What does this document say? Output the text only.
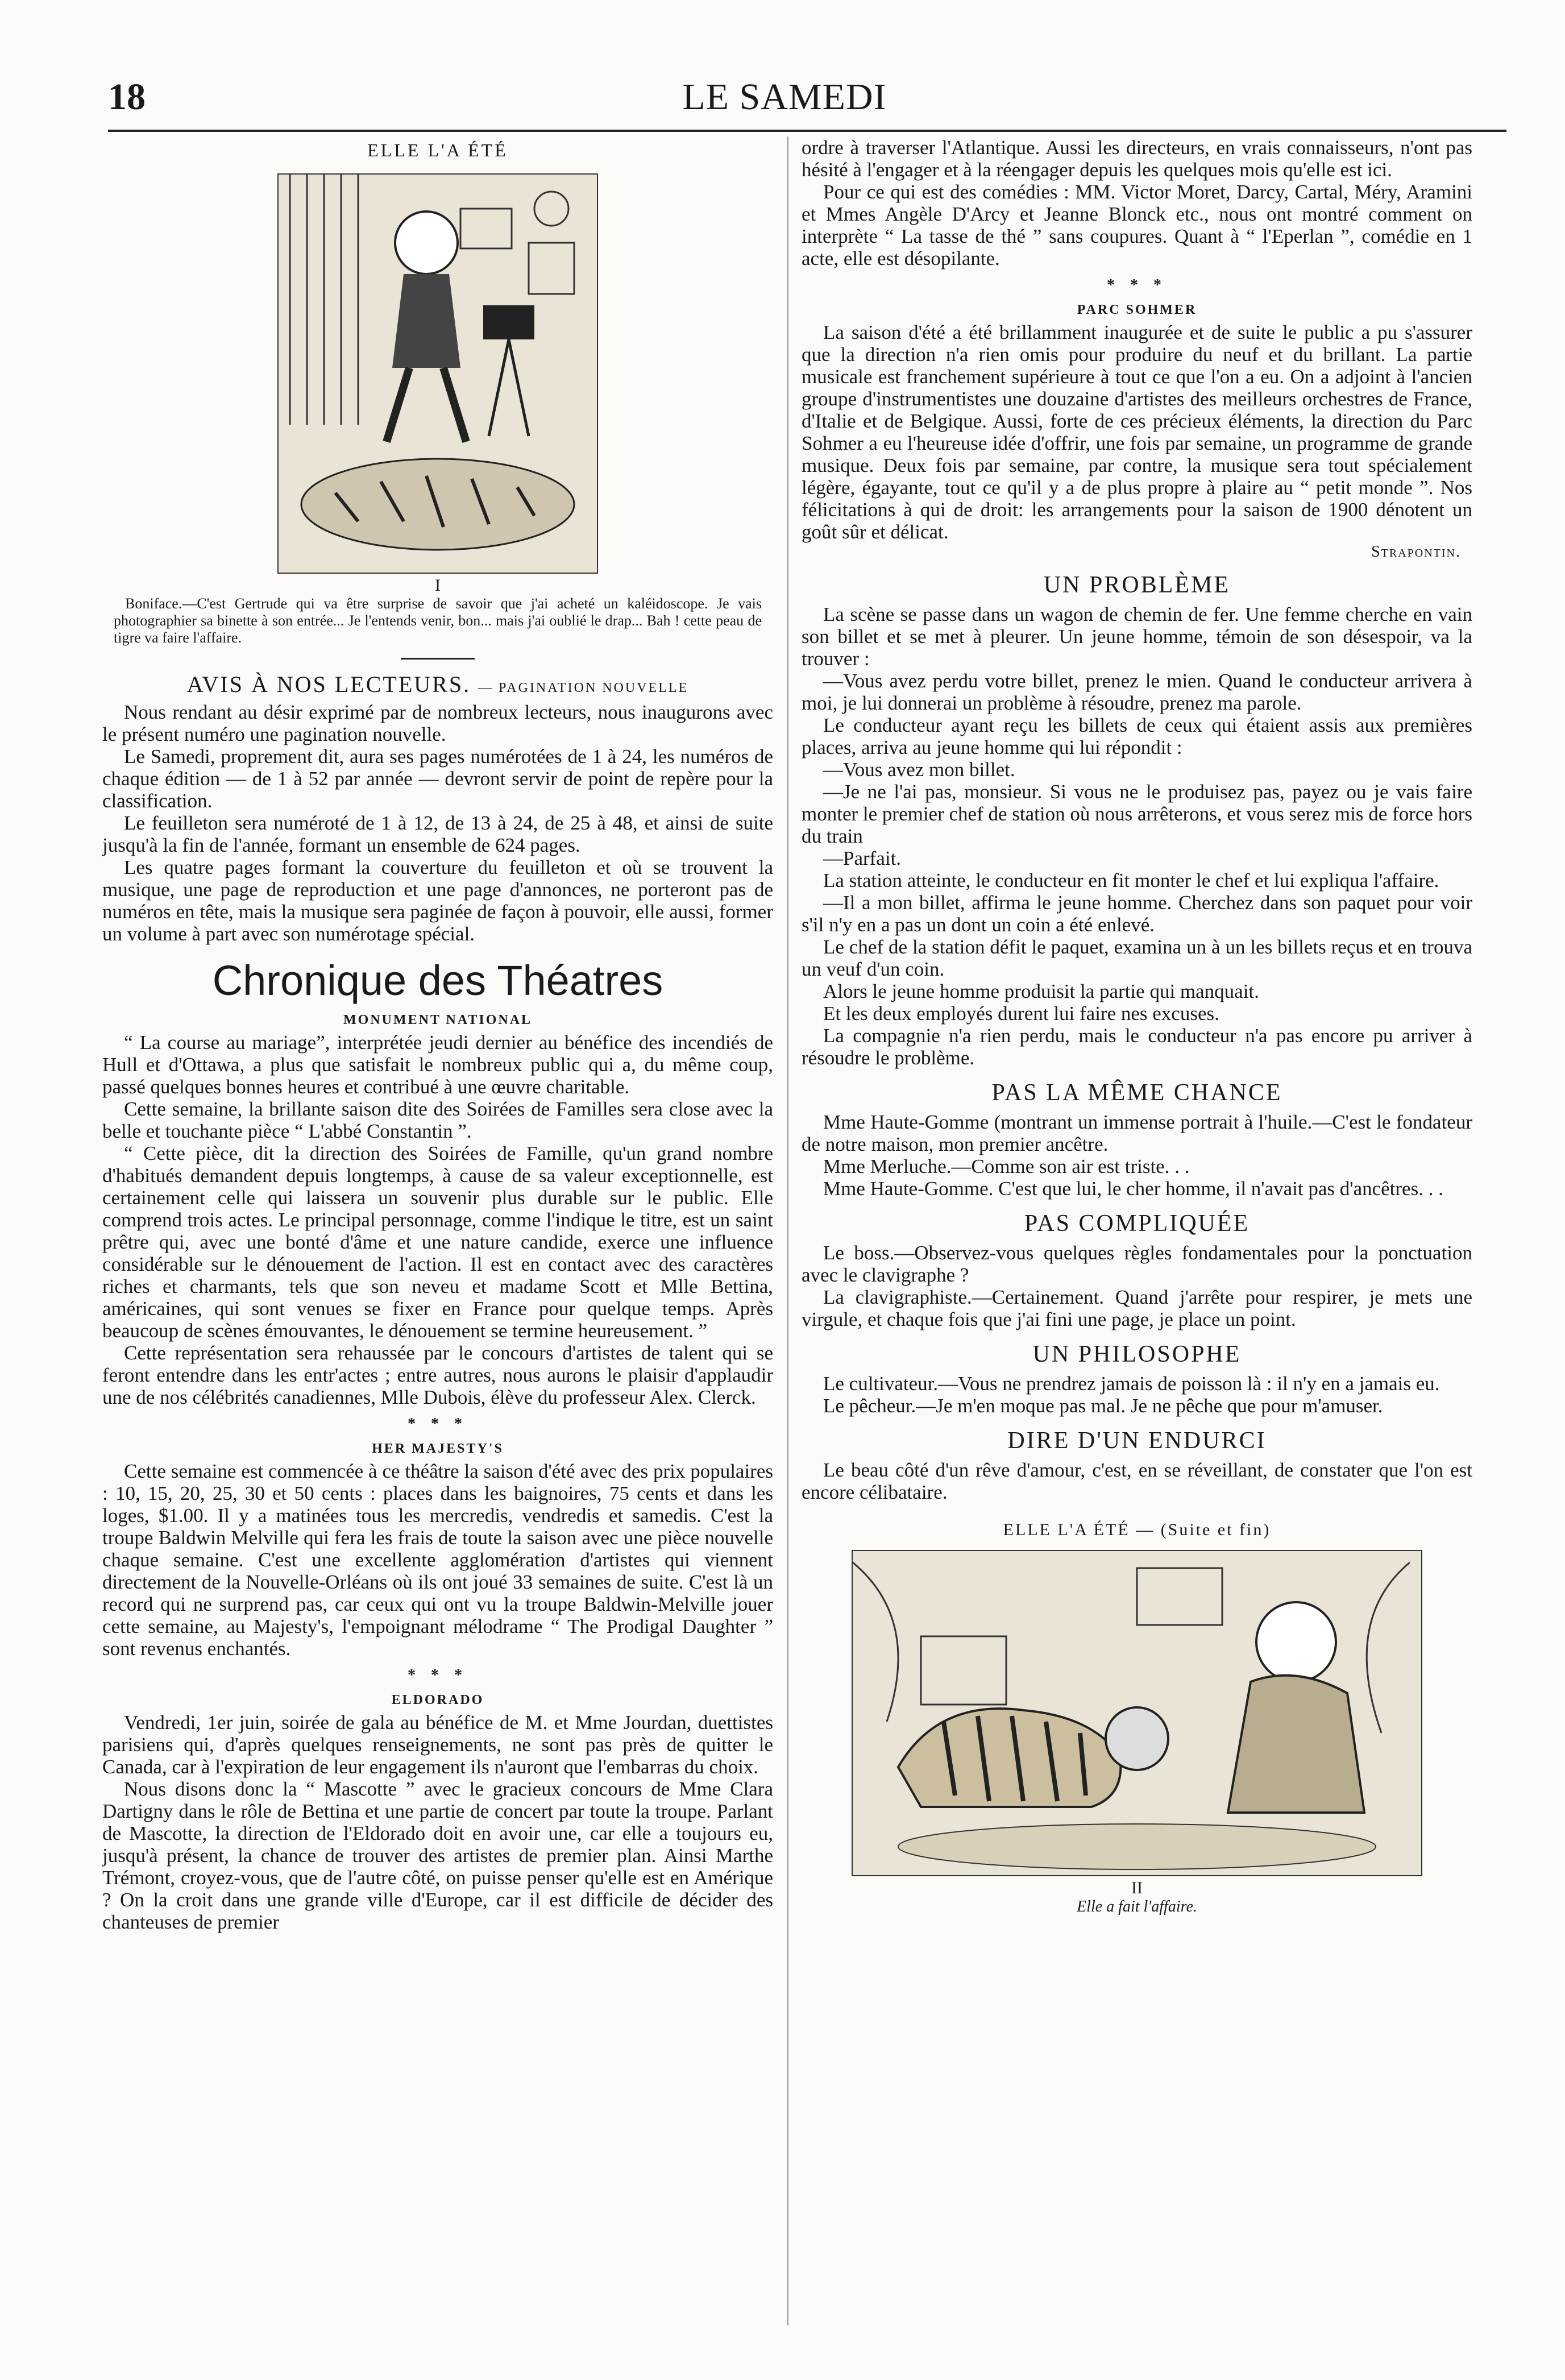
18	LE SAMEDI
ELLE L'A ÉTÉ
I
Boniface.—C'est Gertrude qui va être surprise de savoir que j'ai acheté un kaléidoscope. Je vais photographier sa binette à son entrée... Je l'entends venir, bon... mais j'ai oublié le drap... Bah ! cette peau de tigre va faire l'affaire.
AVIS À NOS LECTEURS. — PAGINATION NOUVELLE

Nous rendant au désir exprimé par de nombreux lecteurs, nous inaugurons avec le présent numéro une pagination nouvelle.

Le Samedi, proprement dit, aura ses pages numérotées de 1 à 24, les numéros de chaque édition — de 1 à 52 par année — devront servir de point de repère pour la classification.

Le feuilleton sera numéroté de 1 à 12, de 13 à 24, de 25 à 48, et ainsi de suite jusqu'à la fin de l'année, formant un ensemble de 624 pages.

Les quatre pages formant la couverture du feuilleton et où se trouvent la musique, une page de reproduction et une page d'annonces, ne porteront pas de numéros en tête, mais la musique sera paginée de façon à pouvoir, elle aussi, former un volume à part avec son numérotage spécial.

Chronique des Théatres
MONUMENT NATIONAL

“ La course au mariage”, interprétée jeudi dernier au bénéfice des incendiés de Hull et d'Ottawa, a plus que satisfait le nombreux public qui a, du même coup, passé quelques bonnes heures et contribué à une œuvre charitable.

Cette semaine, la brillante saison dite des Soirées de Familles sera close avec la belle et touchante pièce “ L'abbé Constantin ”.

“ Cette pièce, dit la direction des Soirées de Famille, qu'un grand nombre d'habitués demandent depuis longtemps, à cause de sa valeur exceptionnelle, est certainement celle qui laissera un souvenir plus durable sur le public. Elle comprend trois actes. Le principal personnage, comme l'indique le titre, est un saint prêtre qui, avec une bonté d'âme et une nature candide, exerce une influence considérable sur le dénouement de l'action. Il est en contact avec des caractères riches et charmants, tels que son neveu et madame Scott et Mlle Bettina, américaines, qui sont venues se fixer en France pour quelque temps. Après beaucoup de scènes émouvantes, le dénouement se termine heureusement. ”

Cette représentation sera rehaussée par le concours d'artistes de talent qui se feront entendre dans les entr'actes ; entre autres, nous aurons le plaisir d'applaudir une de nos célébrités canadiennes, Mlle Dubois, élève du professeur Alex. Clerck.

* * *
HER MAJESTY'S

Cette semaine est commencée à ce théâtre la saison d'été avec des prix populaires : 10, 15, 20, 25, 30 et 50 cents : places dans les baignoires, 75 cents et dans les loges, $1.00. Il y a matinées tous les mercredis, vendredis et samedis. C'est la troupe Baldwin Melville qui fera les frais de toute la saison avec une pièce nouvelle chaque semaine. C'est une excellente agglomération d'artistes qui viennent directement de la Nouvelle-Orléans où ils ont joué 33 semaines de suite. C'est là un record qui ne surprend pas, car ceux qui ont vu la troupe Baldwin-Melville jouer cette semaine, au Majesty's, l'empoignant mélodrame “ The Prodigal Daughter ” sont revenus enchantés.

* * *
ELDORADO

Vendredi, 1er juin, soirée de gala au bénéfice de M. et Mme Jourdan, duettistes parisiens qui, d'après quelques renseignements, ne sont pas près de quitter le Canada, car à l'expiration de leur engagement ils n'auront que l'embarras du choix.

Nous disons donc la “ Mascotte ” avec le gracieux concours de Mme Clara Dartigny dans le rôle de Bettina et une partie de concert par toute la troupe. Parlant de Mascotte, la direction de l'Eldorado doit en avoir une, car elle a toujours eu, jusqu'à présent, la chance de trouver des artistes de premier plan. Ainsi Marthe Trémont, croyez-vous, que de l'autre côté, on puisse penser qu'elle est en Amérique ? On la croit dans une grande ville d'Europe, car il est difficile de décider des chanteuses de premier

ordre à traverser l'Atlantique. Aussi les directeurs, en vrais connaisseurs, n'ont pas hésité à l'engager et à la réengager depuis les quelques mois qu'elle est ici.

Pour ce qui est des comédies : MM. Victor Moret, Darcy, Cartal, Méry, Aramini et Mmes Angèle D'Arcy et Jeanne Blonck etc., nous ont montré comment on interprète “ La tasse de thé ” sans coupures. Quant à “ l'Eperlan ”, comédie en 1 acte, elle est désopilante.

* * *
PARC SOHMER

La saison d'été a été brillamment inaugurée et de suite le public a pu s'assurer que la direction n'a rien omis pour produire du neuf et du brillant. La partie musicale est franchement supérieure à tout ce que l'on a eu. On a adjoint à l'ancien groupe d'instrumentistes une douzaine d'artistes des meilleurs orchestres de France, d'Italie et de Belgique. Aussi, forte de ces précieux éléments, la direction du Parc Sohmer a eu l'heureuse idée d'offrir, une fois par semaine, un programme de grande musique. Deux fois par semaine, par contre, la musique sera tout spécialement légère, égayante, tout ce qu'il y a de plus propre à plaire au “ petit monde ”. Nos félicitations à qui de droit: les arrangements pour la saison de 1900 dénotent un goût sûr et délicat.

Strapontin.
UN PROBLÈME

La scène se passe dans un wagon de chemin de fer. Une femme cherche en vain son billet et se met à pleurer. Un jeune homme, témoin de son désespoir, va la trouver :

—Vous avez perdu votre billet, prenez le mien. Quand le conducteur arrivera à moi, je lui donnerai un problème à résoudre, prenez ma parole.

Le conducteur ayant reçu les billets de ceux qui étaient assis aux premières places, arriva au jeune homme qui lui répondit :

—Vous avez mon billet.

—Je ne l'ai pas, monsieur. Si vous ne le produisez pas, payez ou je vais faire monter le premier chef de station où nous arrêterons, et vous serez mis de force hors du train

—Parfait.

La station atteinte, le conducteur en fit monter le chef et lui expliqua l'affaire.

—Il a mon billet, affirma le jeune homme. Cherchez dans son paquet pour voir s'il n'y en a pas un dont un coin a été enlevé.

Le chef de la station défit le paquet, examina un à un les billets reçus et en trouva un veuf d'un coin.

Alors le jeune homme produisit la partie qui manquait.

Et les deux employés durent lui faire nes excuses.

La compagnie n'a rien perdu, mais le conducteur n'a pas encore pu arriver à résoudre le problème.

PAS LA MÊME CHANCE

Mme Haute-Gomme (montrant un immense portrait à l'huile.—C'est le fondateur de notre maison, mon premier ancêtre.

Mme Merluche.—Comme son air est triste. . .

Mme Haute-Gomme. C'est que lui, le cher homme, il n'avait pas d'ancêtres. . .

PAS COMPLIQUÉE

Le boss.—Observez-vous quelques règles fondamentales pour la ponctuation avec le clavigraphe ?

La clavigraphiste.—Certainement. Quand j'arrête pour respirer, je mets une virgule, et chaque fois que j'ai fini une page, je place un point.

UN PHILOSOPHE

Le cultivateur.—Vous ne prendrez jamais de poisson là : il n'y en a jamais eu.

Le pêcheur.—Je m'en moque pas mal. Je ne pêche que pour m'amuser.

DIRE D'UN ENDURCI

Le beau côté d'un rêve d'amour, c'est, en se réveillant, de constater que l'on est encore célibataire.

ELLE L'A ÉTÉ — (Suite et fin)
II
Elle a fait l'affaire.
